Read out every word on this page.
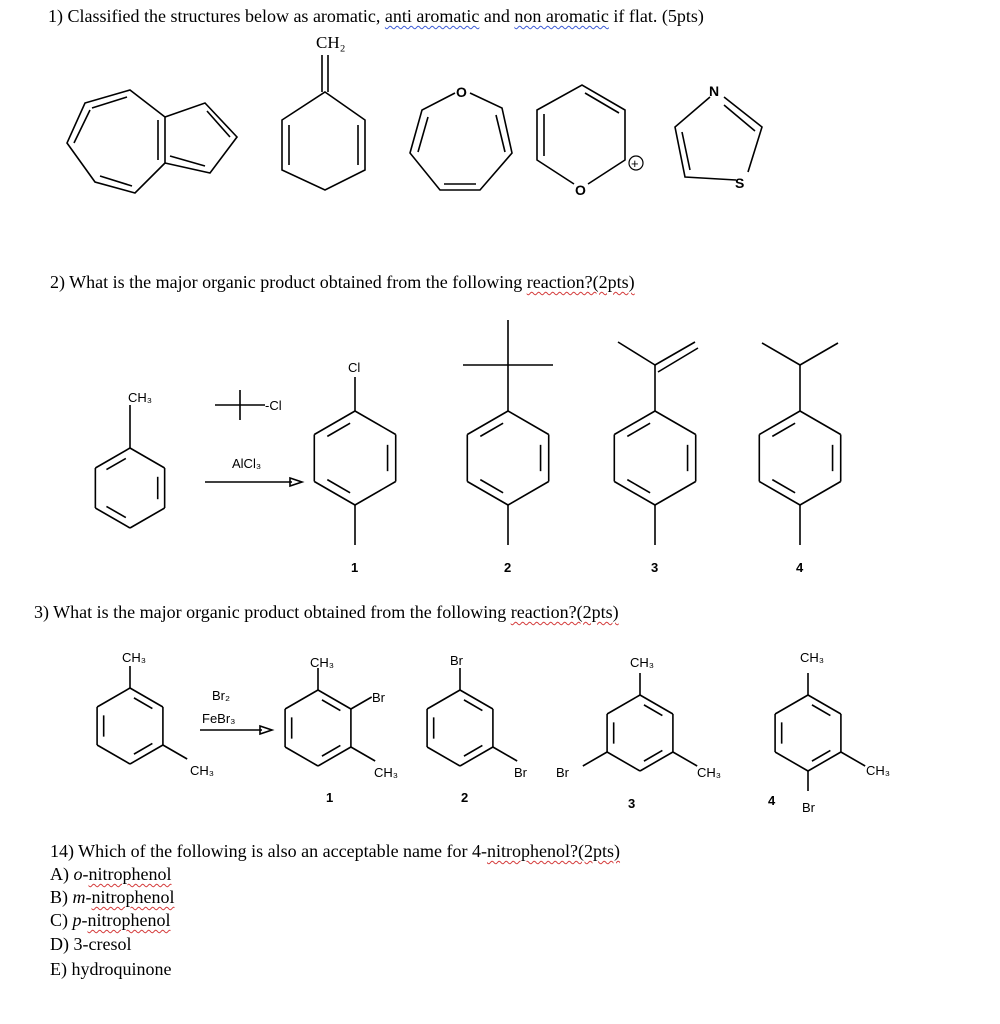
1) Classified the structures below as aromatic, anti aromatic and non aromatic if flat. (5pts)
2) What is the major organic product obtained from the following reaction?(2pts)
3) What is the major organic product obtained from the following reaction?(2pts)
14) Which of the following is also an acceptable name for 4-nitrophenol?(2pts)
A) o-nitrophenol
B) m-nitrophenol
C) p-nitrophenol
D) 3-cresol
E) hydroquinone
CH₂
O
O
+
N
S
CH₃
-Cl
AlCl₃
Cl
1	2	3	4
CH₃
CH₃
Br₂
FeBr₃
CH₃
Br
CH₃
Br
Br
CH₃
Br	CH₃
CH₃
CH₃
Br
1	2	3	4
